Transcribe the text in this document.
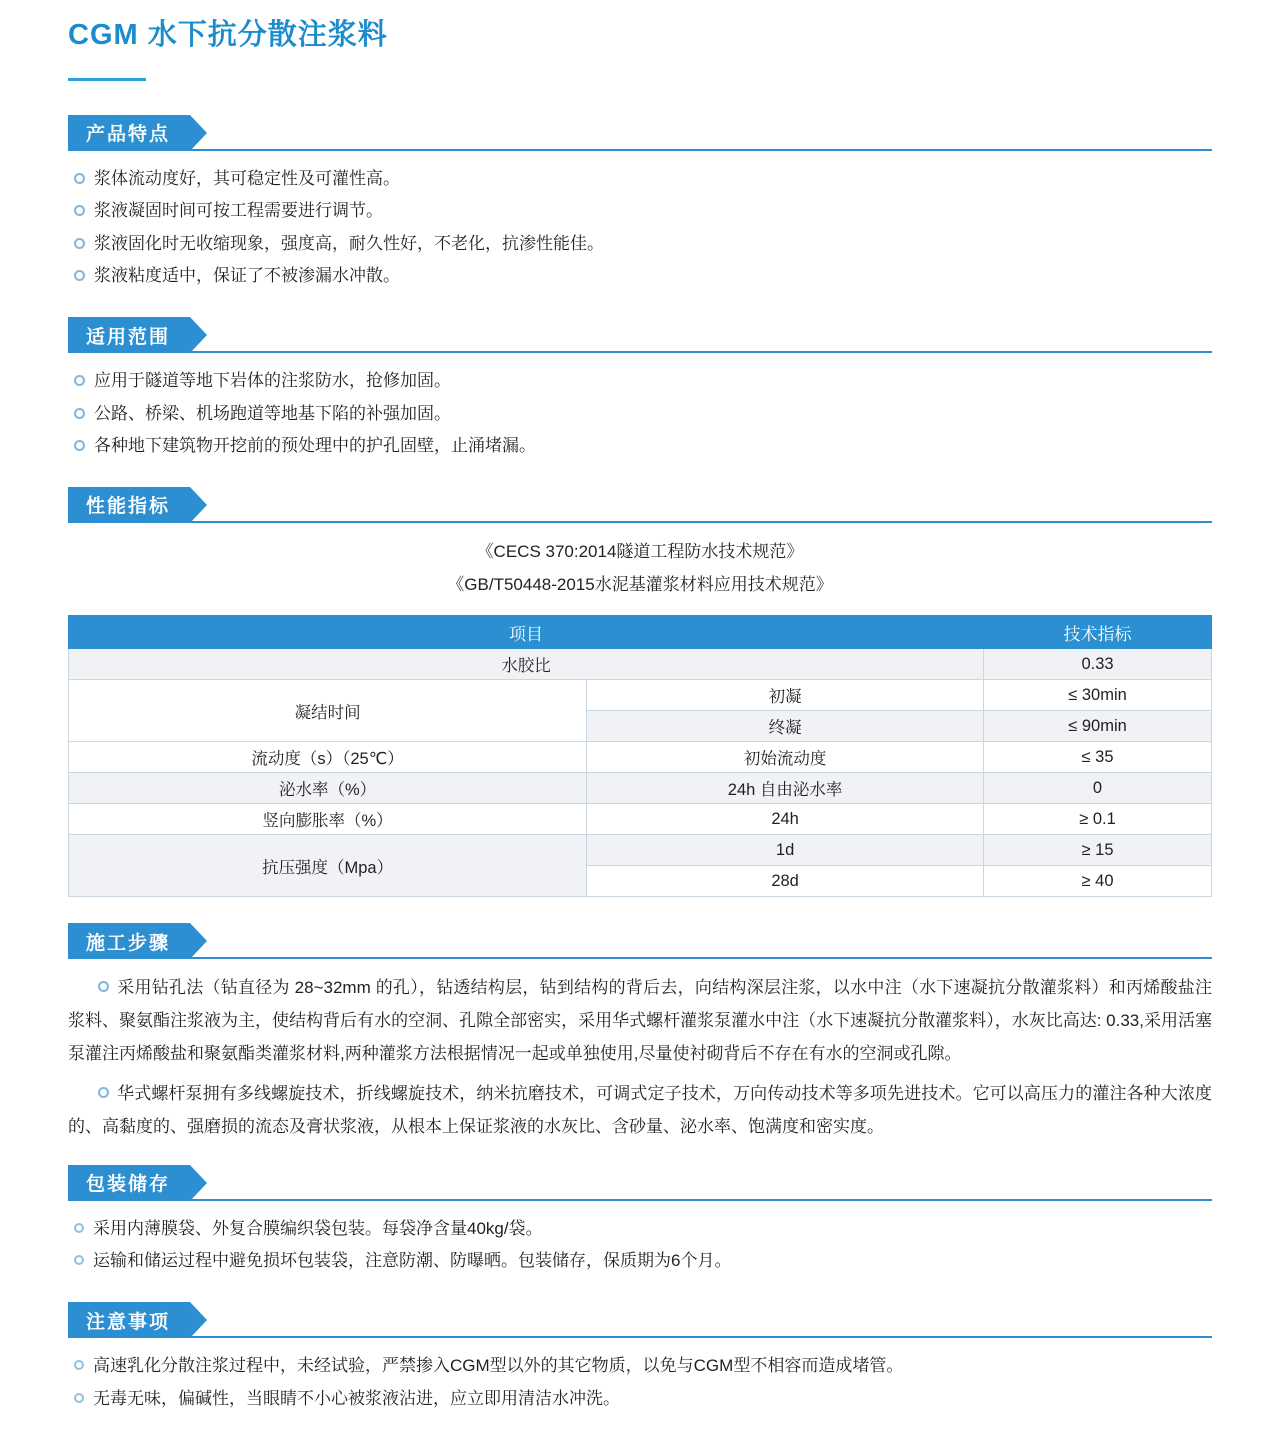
CGM 水下抗分散注浆料
产品特点
浆体流动度好，其可稳定性及可灌性高。
浆液凝固时间可按工程需要进行调节。
浆液固化时无收缩现象，强度高，耐久性好，不老化，抗渗性能佳。
浆液粘度适中，保证了不被渗漏水冲散。
适用范围
应用于隧道等地下岩体的注浆防水，抢修加固。
公路、桥梁、机场跑道等地基下陷的补强加固。
各种地下建筑物开挖前的预处理中的护孔固壁，止涌堵漏。
性能指标
《CECS 370:2014隧道工程防水技术规范》
《GB/T50448-2015水泥基灌浆材料应用技术规范》
项目		技术指标
水胶比		0.33
凝结时间	初凝	≤ 30min
	终凝	≤ 90min
流动度（s）（25℃）	初始流动度	≤ 35
泌水率（%）	24h 自由泌水率	0
竖向膨胀率（%）	24h	≥ 0.1
抗压强度（Mpa）	1d	≥ 15
	28d	≥ 40
施工步骤

采用钻孔法（钻直径为 28~32mm 的孔），钻透结构层，钻到结构的背后去，向结构深层注浆，以水中注（水下速凝抗分散灌浆料）和丙烯酸盐注浆料、聚氨酯注浆液为主，使结构背后有水的空洞、孔隙全部密实，采用华式螺杆灌浆泵灌水中注（水下速凝抗分散灌浆料），水灰比高达: 0.33,采用活塞泵灌注丙烯酸盐和聚氨酯类灌浆材料,两种灌浆方法根据情况一起或单独使用,尽量使衬砌背后不存在有水的空洞或孔隙。

华式螺杆泵拥有多线螺旋技术，折线螺旋技术，纳米抗磨技术，可调式定子技术，万向传动技术等多项先进技术。它可以高压力的灌注各种大浓度的、高黏度的、强磨损的流态及膏状浆液，从根本上保证浆液的水灰比、含砂量、泌水率、饱满度和密实度。

包装储存
采用内薄膜袋、外复合膜编织袋包装。每袋净含量40kg/袋。
运输和储运过程中避免损坏包装袋，注意防潮、防曝晒。包装储存，保质期为6个月。
注意事项
高速乳化分散注浆过程中，未经试验，严禁掺入CGM型以外的其它物质，以免与CGM型不相容而造成堵管。
无毒无味，偏碱性，当眼睛不小心被浆液沾进，应立即用清洁水冲洗。
